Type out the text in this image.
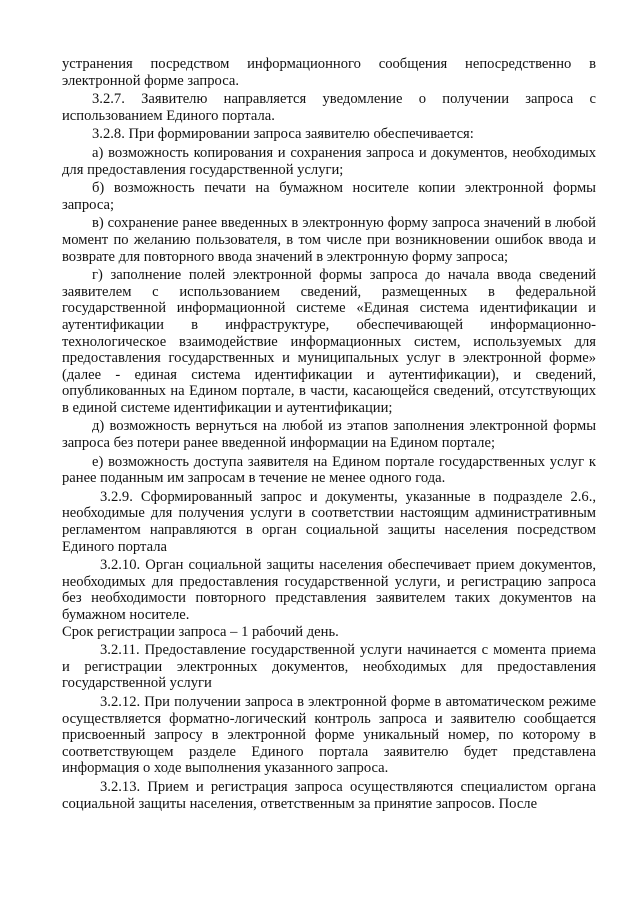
устранения посредством информационного сообщения непосредственно в электронной форме запроса.

3.2.7. Заявителю направляется уведомление о получении запроса с использованием Единого портала.

3.2.8. При формировании запроса заявителю обеспечивается:

а) возможность копирования и сохранения запроса и документов, необходимых для предоставления государственной услуги;

б) возможность печати на бумажном носителе копии электронной формы запроса;

в) сохранение ранее введенных в электронную форму запроса значений в любой момент по желанию пользователя, в том числе при возникновении ошибок ввода и возврате для повторного ввода значений в электронную форму запроса;

г) заполнение полей электронной формы запроса до начала ввода сведений заявителем с использованием сведений, размещенных в федеральной государственной информационной системе «Единая система идентификации и аутентификации в инфраструктуре, обеспечивающей информационно-технологическое взаимодействие информационных систем, используемых для предоставления государственных и муниципальных услуг в электронной форме» (далее - единая система идентификации и аутентификации), и сведений, опубликованных на Едином портале, в части, касающейся сведений, отсутствующих в единой системе идентификации и аутентификации;

д) возможность вернуться на любой из этапов заполнения электронной формы запроса без потери ранее введенной информации на Едином портале;

е) возможность доступа заявителя на Едином портале государственных услуг к ранее поданным им запросам в течение не менее одного года.

3.2.9. Сформированный запрос и документы, указанные в подразделе 2.6., необходимые для получения услуги в соответствии настоящим административным регламентом направляются в орган социальной защиты населения посредством Единого портала

3.2.10. Орган социальной защиты населения обеспечивает прием документов, необходимых для предоставления государственной услуги, и регистрацию запроса без необходимости повторного представления заявителем таких документов на бумажном носителе.

Срок регистрации запроса – 1 рабочий день.

3.2.11. Предоставление государственной услуги начинается с момента приема и регистрации электронных документов, необходимых для предоставления государственной услуги

3.2.12. При получении запроса в электронной форме в автоматическом режиме осуществляется форматно-логический контроль запроса и заявителю сообщается присвоенный запросу в электронной форме уникальный номер, по которому в соответствующем разделе Единого портала заявителю будет представлена информация о ходе выполнения указанного запроса.

3.2.13. Прием и регистрация запроса осуществляются специалистом органа социальной защиты населения, ответственным за принятие запросов. После
